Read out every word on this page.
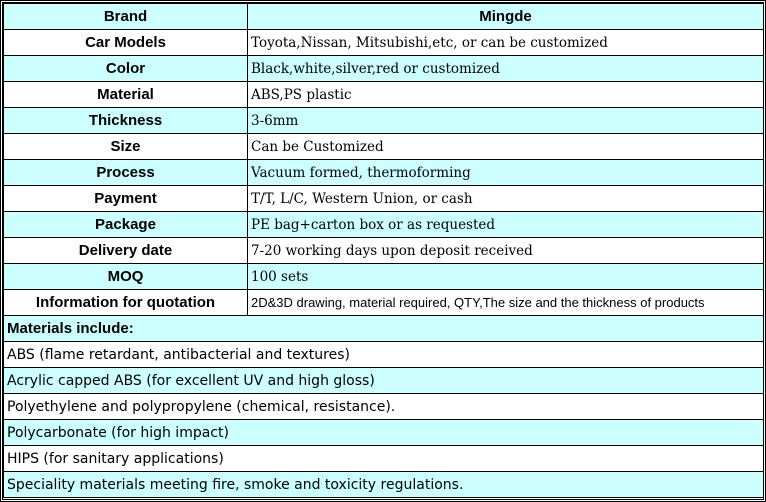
Brand	Mingde
Car Models	Toyota,Nissan, Mitsubishi,etc, or can be customized
Color	Black,white,silver,red or customized
Material	ABS,PS plastic
Thickness	3-6mm
Size	Can be Customized
Process	Vacuum formed, thermoforming
Payment	T/T, L/C, Western Union, or cash
Package	PE bag+carton box or as requested
Delivery date	7-20 working days upon deposit received
MOQ	100 sets
Information for quotation	2D&3D drawing, material required, QTY,The size and the thickness of products
Materials include:	
ABS (flame retardant, antibacterial and textures)	
Acrylic capped ABS (for excellent UV and high gloss)	
Polyethylene and polypropylene (chemical, resistance).	
Polycarbonate (for high impact)	
HIPS (for sanitary applications)	
Speciality materials meeting fire, smoke and toxicity regulations.	
